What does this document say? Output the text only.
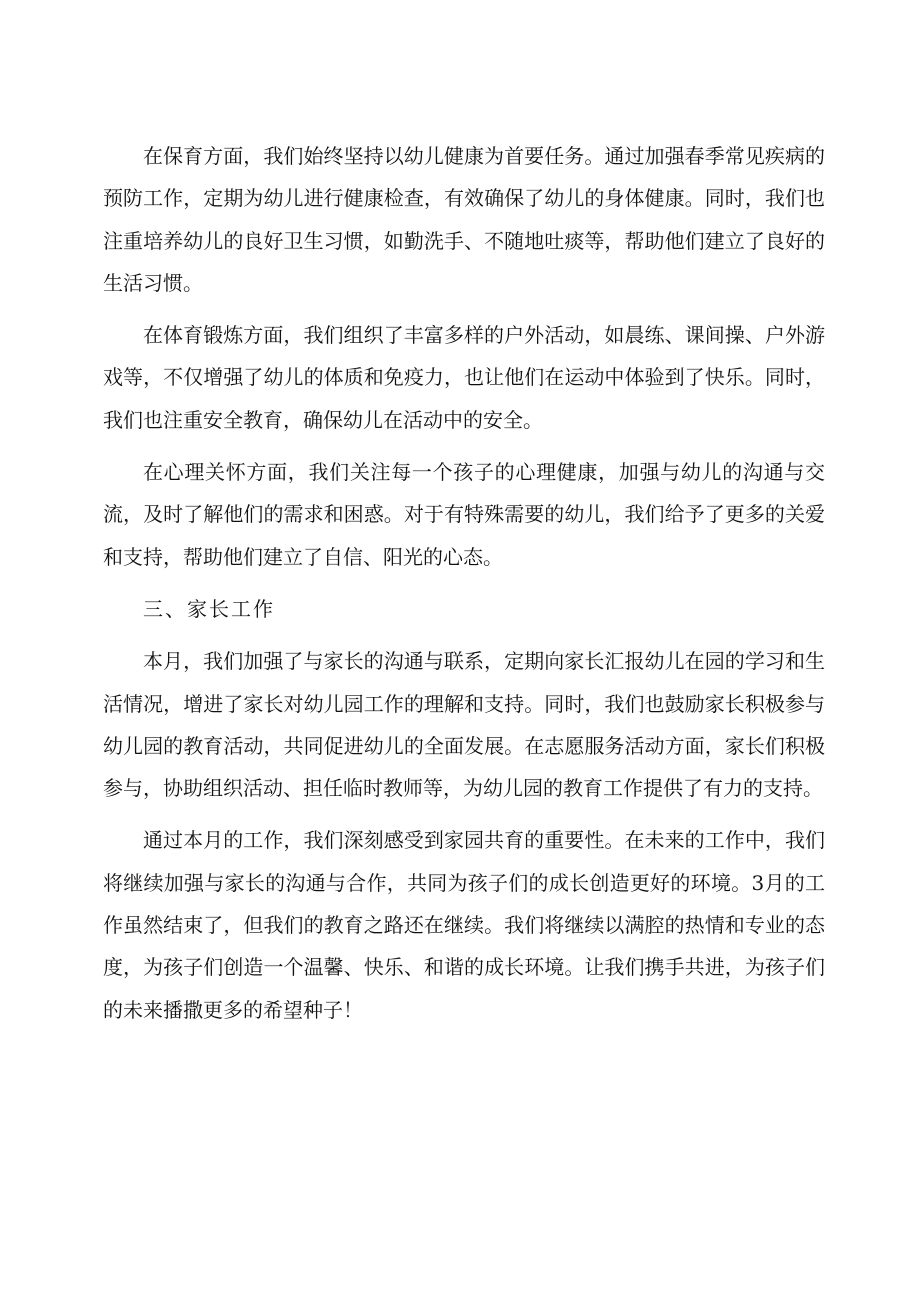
在保育方面，我们始终坚持以幼儿健康为首要任务。通过加强春季常见疾病的预防工作，定期为幼儿进行健康检查，有效确保了幼儿的身体健康。同时，我们也注重培养幼儿的良好卫生习惯，如勤洗手、不随地吐痰等，帮助他们建立了良好的生活习惯。

在体育锻炼方面，我们组织了丰富多样的户外活动，如晨练、课间操、户外游戏等，不仅增强了幼儿的体质和免疫力，也让他们在运动中体验到了快乐。同时，我们也注重安全教育，确保幼儿在活动中的安全。

在心理关怀方面，我们关注每一个孩子的心理健康，加强与幼儿的沟通与交流，及时了解他们的需求和困惑。对于有特殊需要的幼儿，我们给予了更多的关爱和支持，帮助他们建立了自信、阳光的心态。

三、家长工作

本月，我们加强了与家长的沟通与联系，定期向家长汇报幼儿在园的学习和生活情况，增进了家长对幼儿园工作的理解和支持。同时，我们也鼓励家长积极参与幼儿园的教育活动，共同促进幼儿的全面发展。在志愿服务活动方面，家长们积极参与，协助组织活动、担任临时教师等，为幼儿园的教育工作提供了有力的支持。

通过本月的工作，我们深刻感受到家园共育的重要性。在未来的工作中，我们将继续加强与家长的沟通与合作，共同为孩子们的成长创造更好的环境。3月的工作虽然结束了，但我们的教育之路还在继续。我们将继续以满腔的热情和专业的态度，为孩子们创造一个温馨、快乐、和谐的成长环境。让我们携手共进，为孩子们的未来播撒更多的希望种子！
